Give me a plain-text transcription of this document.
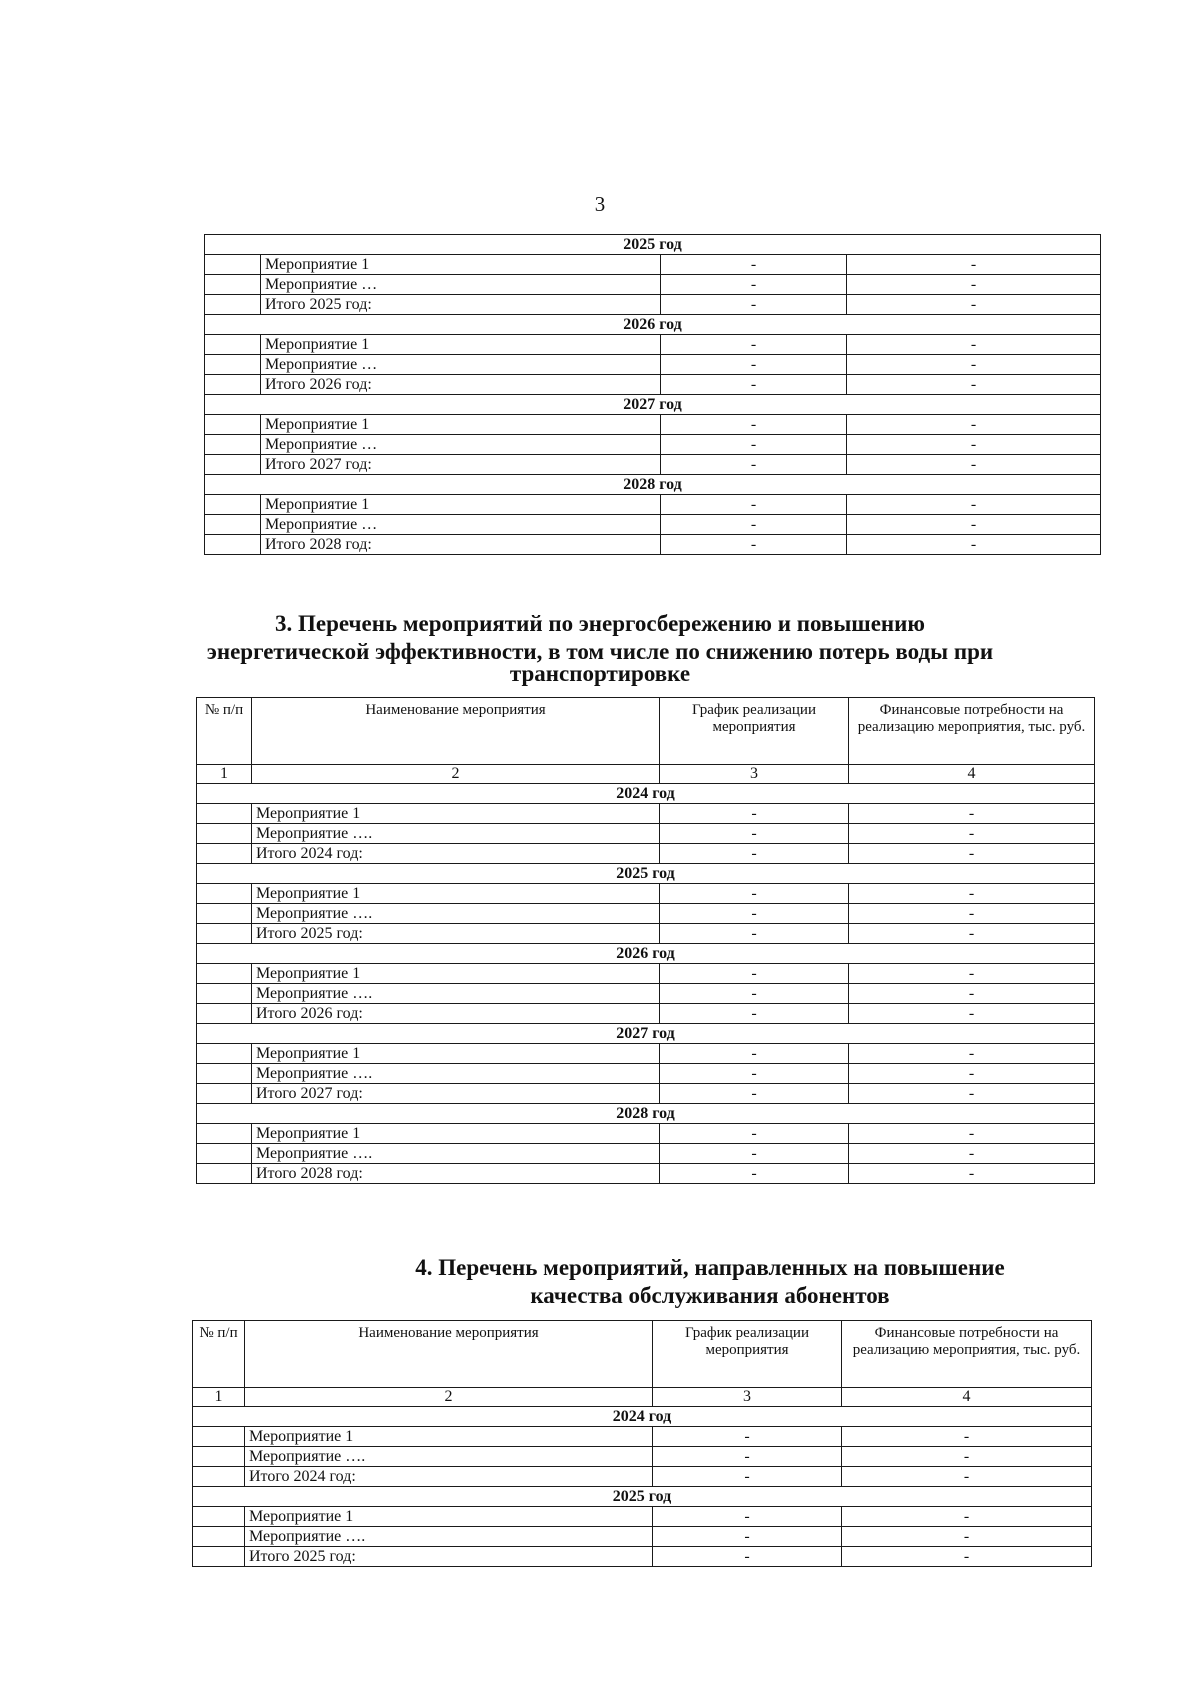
3
2025 год			
	Мероприятие 1	-	-
	Мероприятие …	-	-
	Итого 2025 год:	-	-
2026 год			
	Мероприятие 1	-	-
	Мероприятие …	-	-
	Итого 2026 год:	-	-
2027 год			
	Мероприятие 1	-	-
	Мероприятие …	-	-
	Итого 2027 год:	-	-
2028 год			
	Мероприятие 1	-	-
	Мероприятие …	-	-
	Итого 2028 год:	-	-
3. Перечень мероприятий по энергосбережению и повышению
энергетической эффективности, в том числе по снижению потерь воды при
транспортировке
№ п/п	Наименование мероприятия	График реализации мероприятия	Финансовые потребности на реализацию мероприятия, тыс. руб.
1	2	3	4
2024 год			
	Мероприятие 1	-	-
	Мероприятие ….	-	-
	Итого 2024 год:	-	-
2025 год			
	Мероприятие 1	-	-
	Мероприятие ….	-	-
	Итого 2025 год:	-	-
2026 год			
	Мероприятие 1	-	-
	Мероприятие ….	-	-
	Итого 2026 год:	-	-
2027 год			
	Мероприятие 1	-	-
	Мероприятие ….	-	-
	Итого 2027 год:	-	-
2028 год			
	Мероприятие 1	-	-
	Мероприятие ….	-	-
	Итого 2028 год:	-	-
4. Перечень мероприятий, направленных на повышение
качества обслуживания абонентов
№ п/п	Наименование мероприятия	График реализации мероприятия	Финансовые потребности на реализацию мероприятия, тыс. руб.
1	2	3	4
2024 год			
	Мероприятие 1	-	-
	Мероприятие ….	-	-
	Итого 2024 год:	-	-
2025 год			
	Мероприятие 1	-	-
	Мероприятие ….	-	-
	Итого 2025 год:	-	-
